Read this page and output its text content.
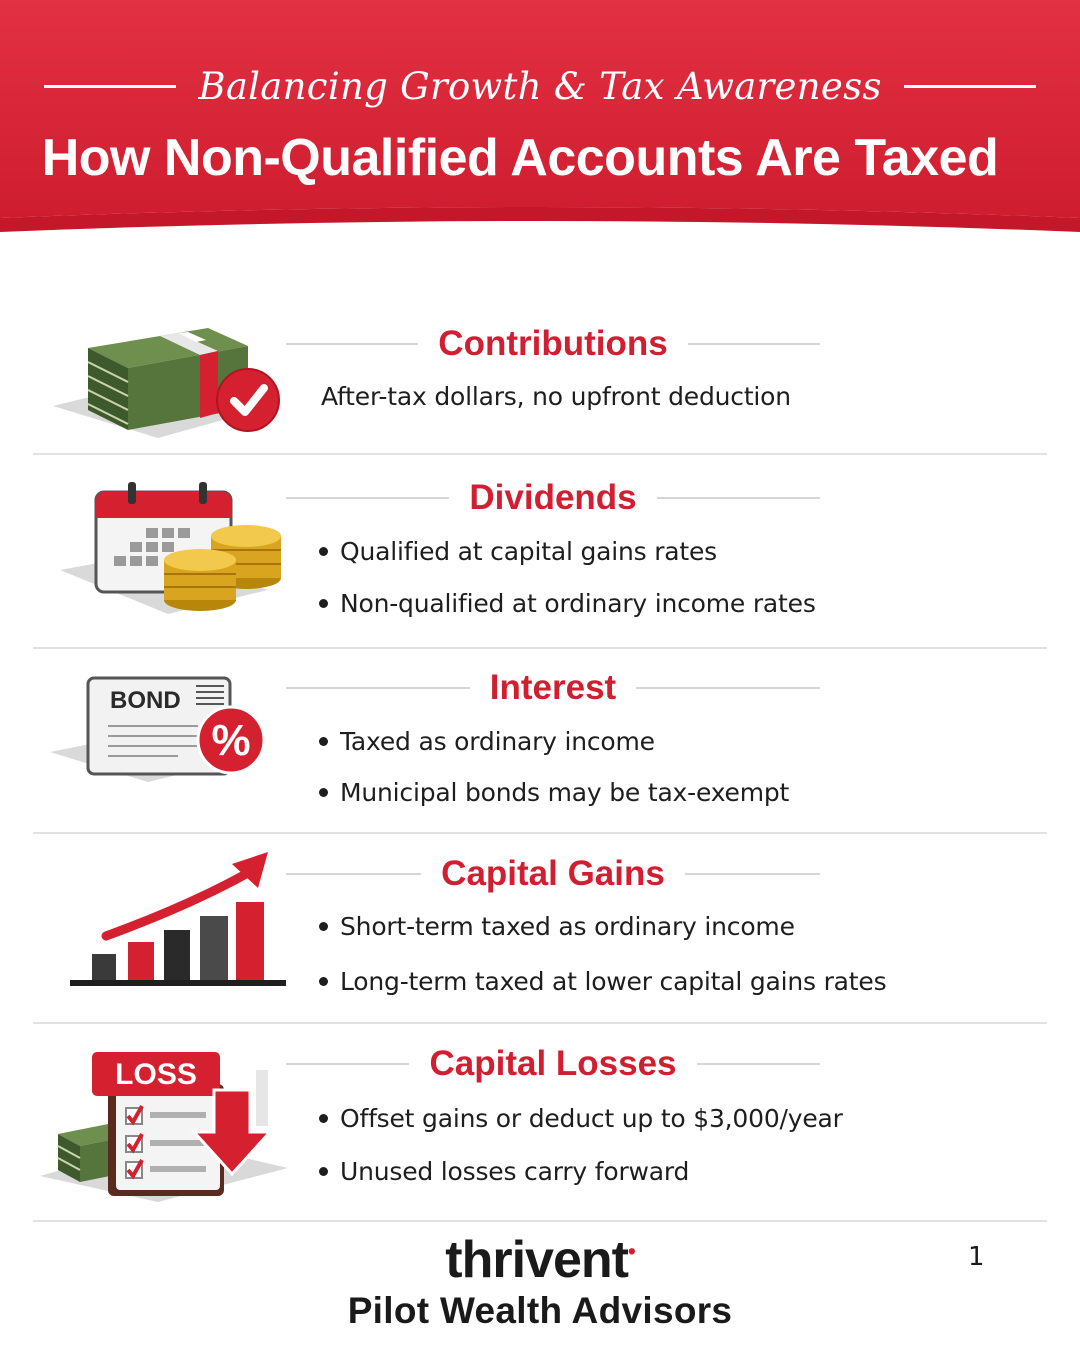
Balancing Growth & Tax Awareness
How Non-Qualified Accounts Are Taxed
Contributions
After-tax dollars, no upfront deduction
Dividends
Qualified at capital gains rates
Non-qualified at ordinary income rates
BOND
%
Interest
Taxed as ordinary income
Municipal bonds may be tax-exempt
Capital Gains
Short-term taxed as ordinary income
Long-term taxed at lower capital gains rates
LOSS	Capital Losses
Offset gains or deduct up to $3,000/year
Unused losses carry forward
thrivent•
Pilot Wealth Advisors
1
